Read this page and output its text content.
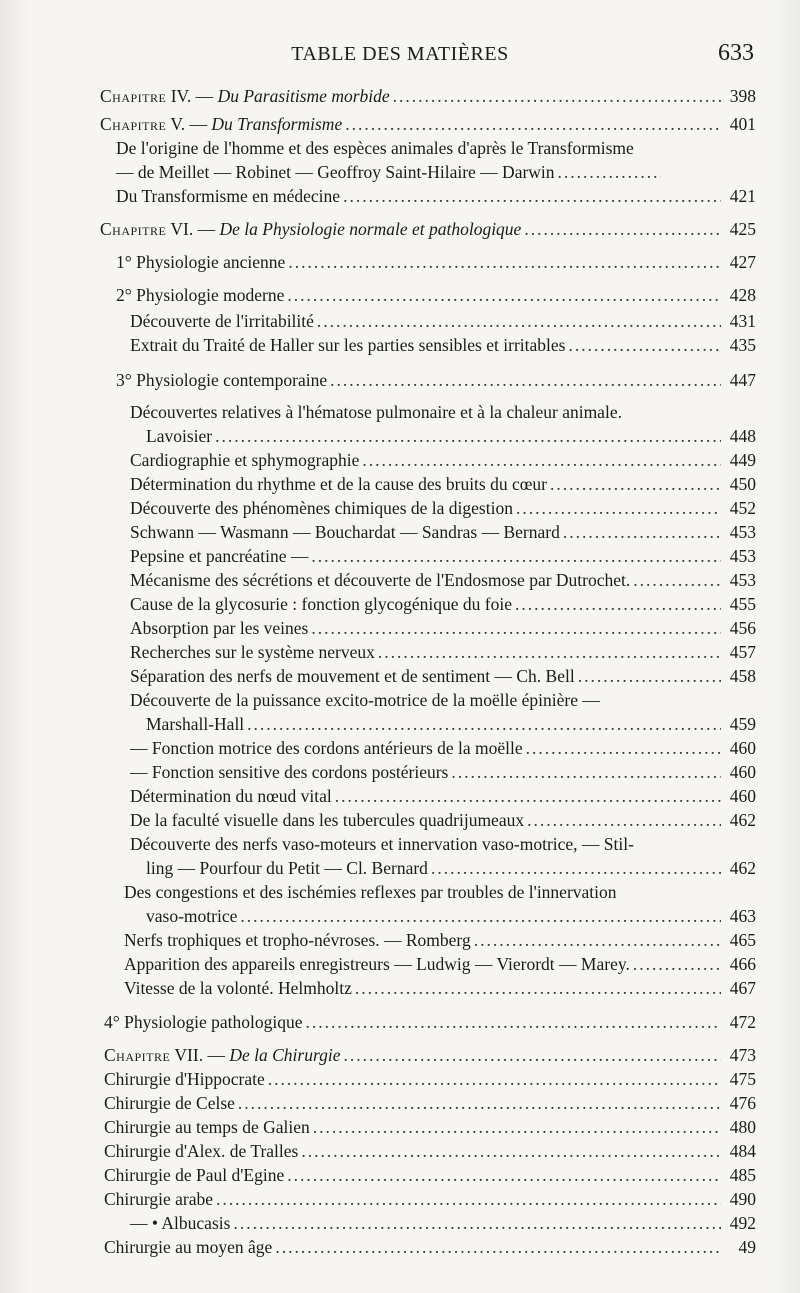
TABLE DES MATIÈRES	633
Chapitre IV. — Du Parasitisme morbide .....	398
Chapitre V. — Du Transformisme .....	401
De l'origine de l'homme et des espèces animales d'après le Transformisme
— de Meillet — Robinet — Geoffroy Saint-Hilaire — Darwin
.....
Du Transformisme en médecine .....	421
Chapitre VI. — De la Physiologie normale et pathologique .....	425
1° Physiologie ancienne .....	427
2° Physiologie moderne .....	428
Découverte de l'irritabilité .....	431
Extrait du Traité de Haller sur les parties sensibles et irritables .....	435
3° Physiologie contemporaine .....	447
Découvertes relatives à l'hématose pulmonaire et à la chaleur animale.
Lavoisier .....	448
Cardiographie et sphymographie .....	449
Détermination du rhythme et de la cause des bruits du cœur .....	450
Découverte des phénomènes chimiques de la digestion .....	452
Schwann — Wasmann — Bouchardat — Sandras — Bernard .....	453
Pepsine et pancréatine — .....	453
Mécanisme des sécrétions et découverte de l'Endosmose par Dutrochet. .....	453
Cause de la glycosurie : fonction glycogénique du foie .....	455
Absorption par les veines .....	456
Recherches sur le système nerveux .....	457
Séparation des nerfs de mouvement et de sentiment — Ch. Bell .....	458
Découverte de la puissance excito-motrice de la moëlle épinière —
Marshall-Hall .....	459
— Fonction motrice des cordons antérieurs de la moëlle .....	460
— Fonction sensitive des cordons postérieurs .....	460
Détermination du nœud vital .....	460
De la faculté visuelle dans les tubercules quadrijumeaux .....	462
Découverte des nerfs vaso-moteurs et innervation vaso-motrice, — Stil-
ling — Pourfour du Petit — Cl. Bernard .....	462
Des congestions et des ischémies reflexes par troubles de l'innervation
vaso-motrice .....	463
Nerfs trophiques et tropho-névroses. — Romberg .....	465
Apparition des appareils enregistreurs — Ludwig — Vierordt — Marey. .....	466
Vitesse de la volonté. Helmholtz .....	467
4° Physiologie pathologique .....	472
Chapitre VII. — De la Chirurgie .....	473
Chirurgie d'Hippocrate .....	475
Chirurgie de Celse .....	476
Chirurgie au temps de Galien .....	480
Chirurgie d'Alex. de Tralles .....	484
Chirurgie de Paul d'Egine .....	485
Chirurgie arabe .....	490
— • Albucasis .....	492
Chirurgie au moyen âge .....	49
